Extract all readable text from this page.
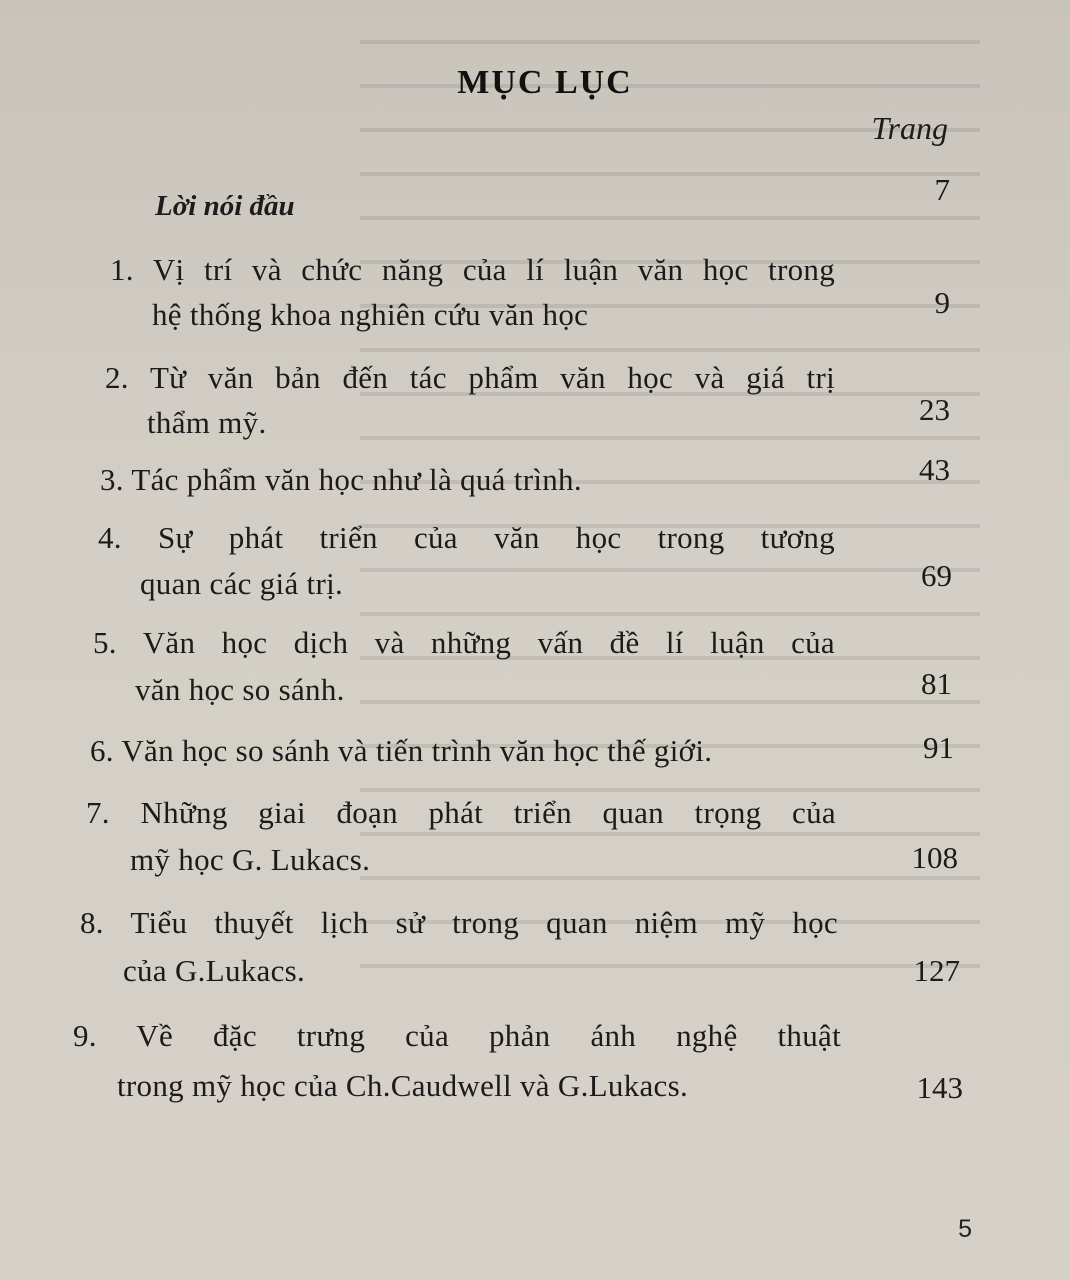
MỤC LỤC
Trang
Lời nói đầu	7
1. Vị trí và chức năng của lí luận văn học trong
hệ thống khoa nghiên cứu văn học	9
2. Từ văn bản đến tác phẩm văn học và giá trị
thẩm mỹ.	23
3. Tác phẩm văn học như là quá trình.	43
4. Sự phát triển của văn học trong tương
quan các giá trị.	69
5. Văn học dịch và những vấn đề lí luận của
văn học so sánh.	81
6. Văn học so sánh và tiến trình văn học thế giới.	91
7. Những giai đoạn phát triển quan trọng của
mỹ học G. Lukacs.	108
8. Tiểu thuyết lịch sử trong quan niệm mỹ học
của G.Lukacs.	127
9. Về đặc trưng của phản ánh nghệ thuật
trong mỹ học của Ch.Caudwell và G.Lukacs.	143
5
